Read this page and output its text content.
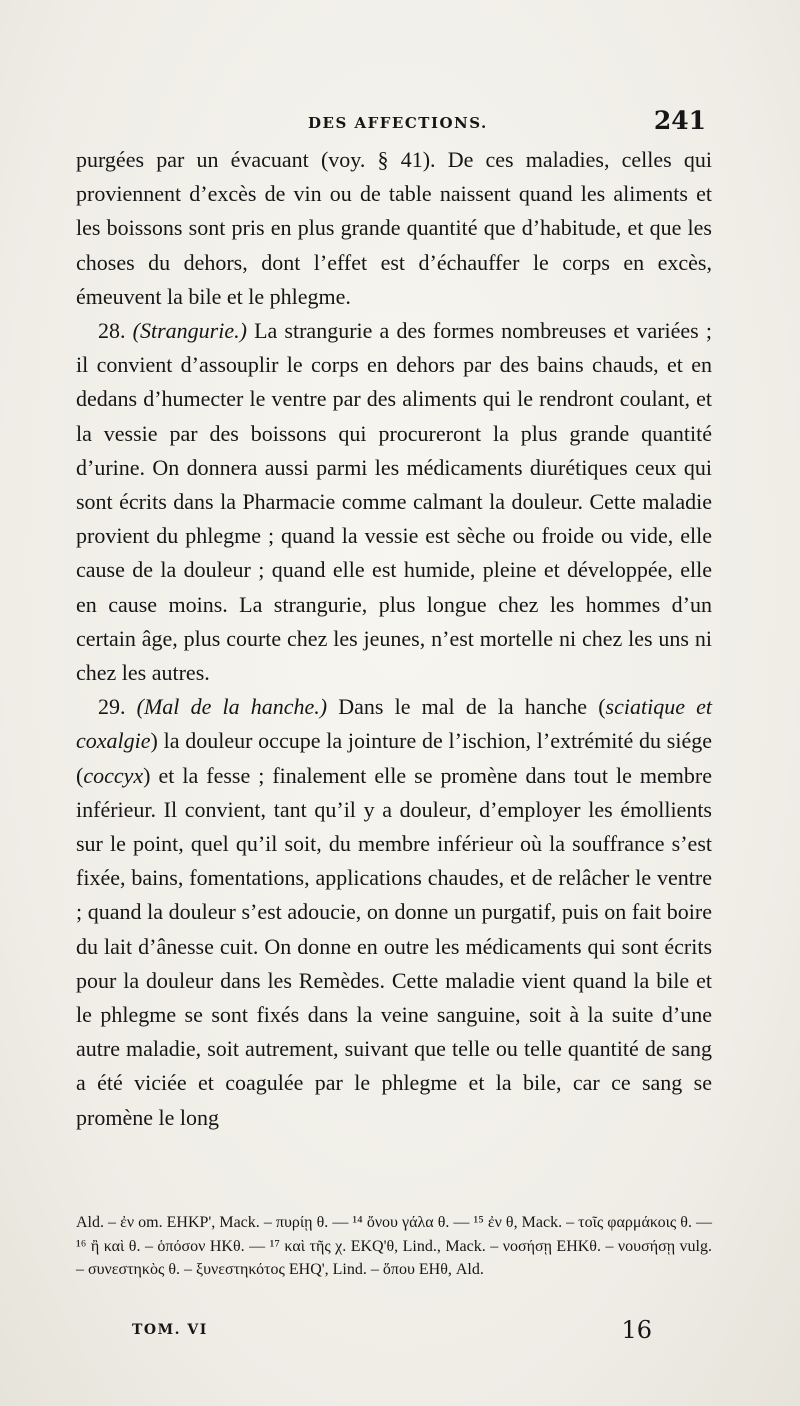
DES AFFECTIONS.	241

purgées par un évacuant (voy. § 41). De ces maladies, celles qui proviennent d’excès de vin ou de table naissent quand les aliments et les boissons sont pris en plus grande quantité que d’habitude, et que les choses du dehors, dont l’effet est d’échauffer le corps en excès, émeuvent la bile et le phlegme.

28. (Strangurie.) La strangurie a des formes nombreuses et variées ; il convient d’assouplir le corps en dehors par des bains chauds, et en dedans d’humecter le ventre par des aliments qui le rendront coulant, et la vessie par des boissons qui procureront la plus grande quantité d’urine. On donnera aussi parmi les médicaments diurétiques ceux qui sont écrits dans la Pharmacie comme calmant la douleur. Cette maladie provient du phlegme ; quand la vessie est sèche ou froide ou vide, elle cause de la douleur ; quand elle est humide, pleine et développée, elle en cause moins. La strangurie, plus longue chez les hommes d’un certain âge, plus courte chez les jeunes, n’est mortelle ni chez les uns ni chez les autres.

29. (Mal de la hanche.) Dans le mal de la hanche (sciatique et coxalgie) la douleur occupe la jointure de l’ischion, l’extrémité du siége (coccyx) et la fesse ; finalement elle se promène dans tout le membre inférieur. Il convient, tant qu’il y a douleur, d’employer les émollients sur le point, quel qu’il soit, du membre inférieur où la souffrance s’est fixée, bains, fomentations, applications chaudes, et de relâcher le ventre ; quand la douleur s’est adoucie, on donne un purgatif, puis on fait boire du lait d’ânesse cuit. On donne en outre les médicaments qui sont écrits pour la douleur dans les Remèdes. Cette maladie vient quand la bile et le phlegme se sont fixés dans la veine sanguine, soit à la suite d’une autre maladie, soit autrement, suivant que telle ou telle quantité de sang a été viciée et coagulée par le phlegme et la bile, car ce sang se promène le long

Ald. – ἐν om. EHKP', Mack. – πυρίῃ θ. — ¹⁴ ὄνου γάλα θ. — ¹⁵ ἐν θ, Mack. – τοῖς φαρμάκοις θ. — ¹⁶ ἢ καὶ θ. – ὁπόσον HKθ. — ¹⁷ καὶ τῆς χ. EKQ'θ, Lind., Mack. – νοσήσῃ EHKθ. – νουσήσῃ vulg. – συνεστηκὸς θ. – ξυνεστηκότος EHQ', Lind. – ὅπου EHθ, Ald.
TOM. VI	16
